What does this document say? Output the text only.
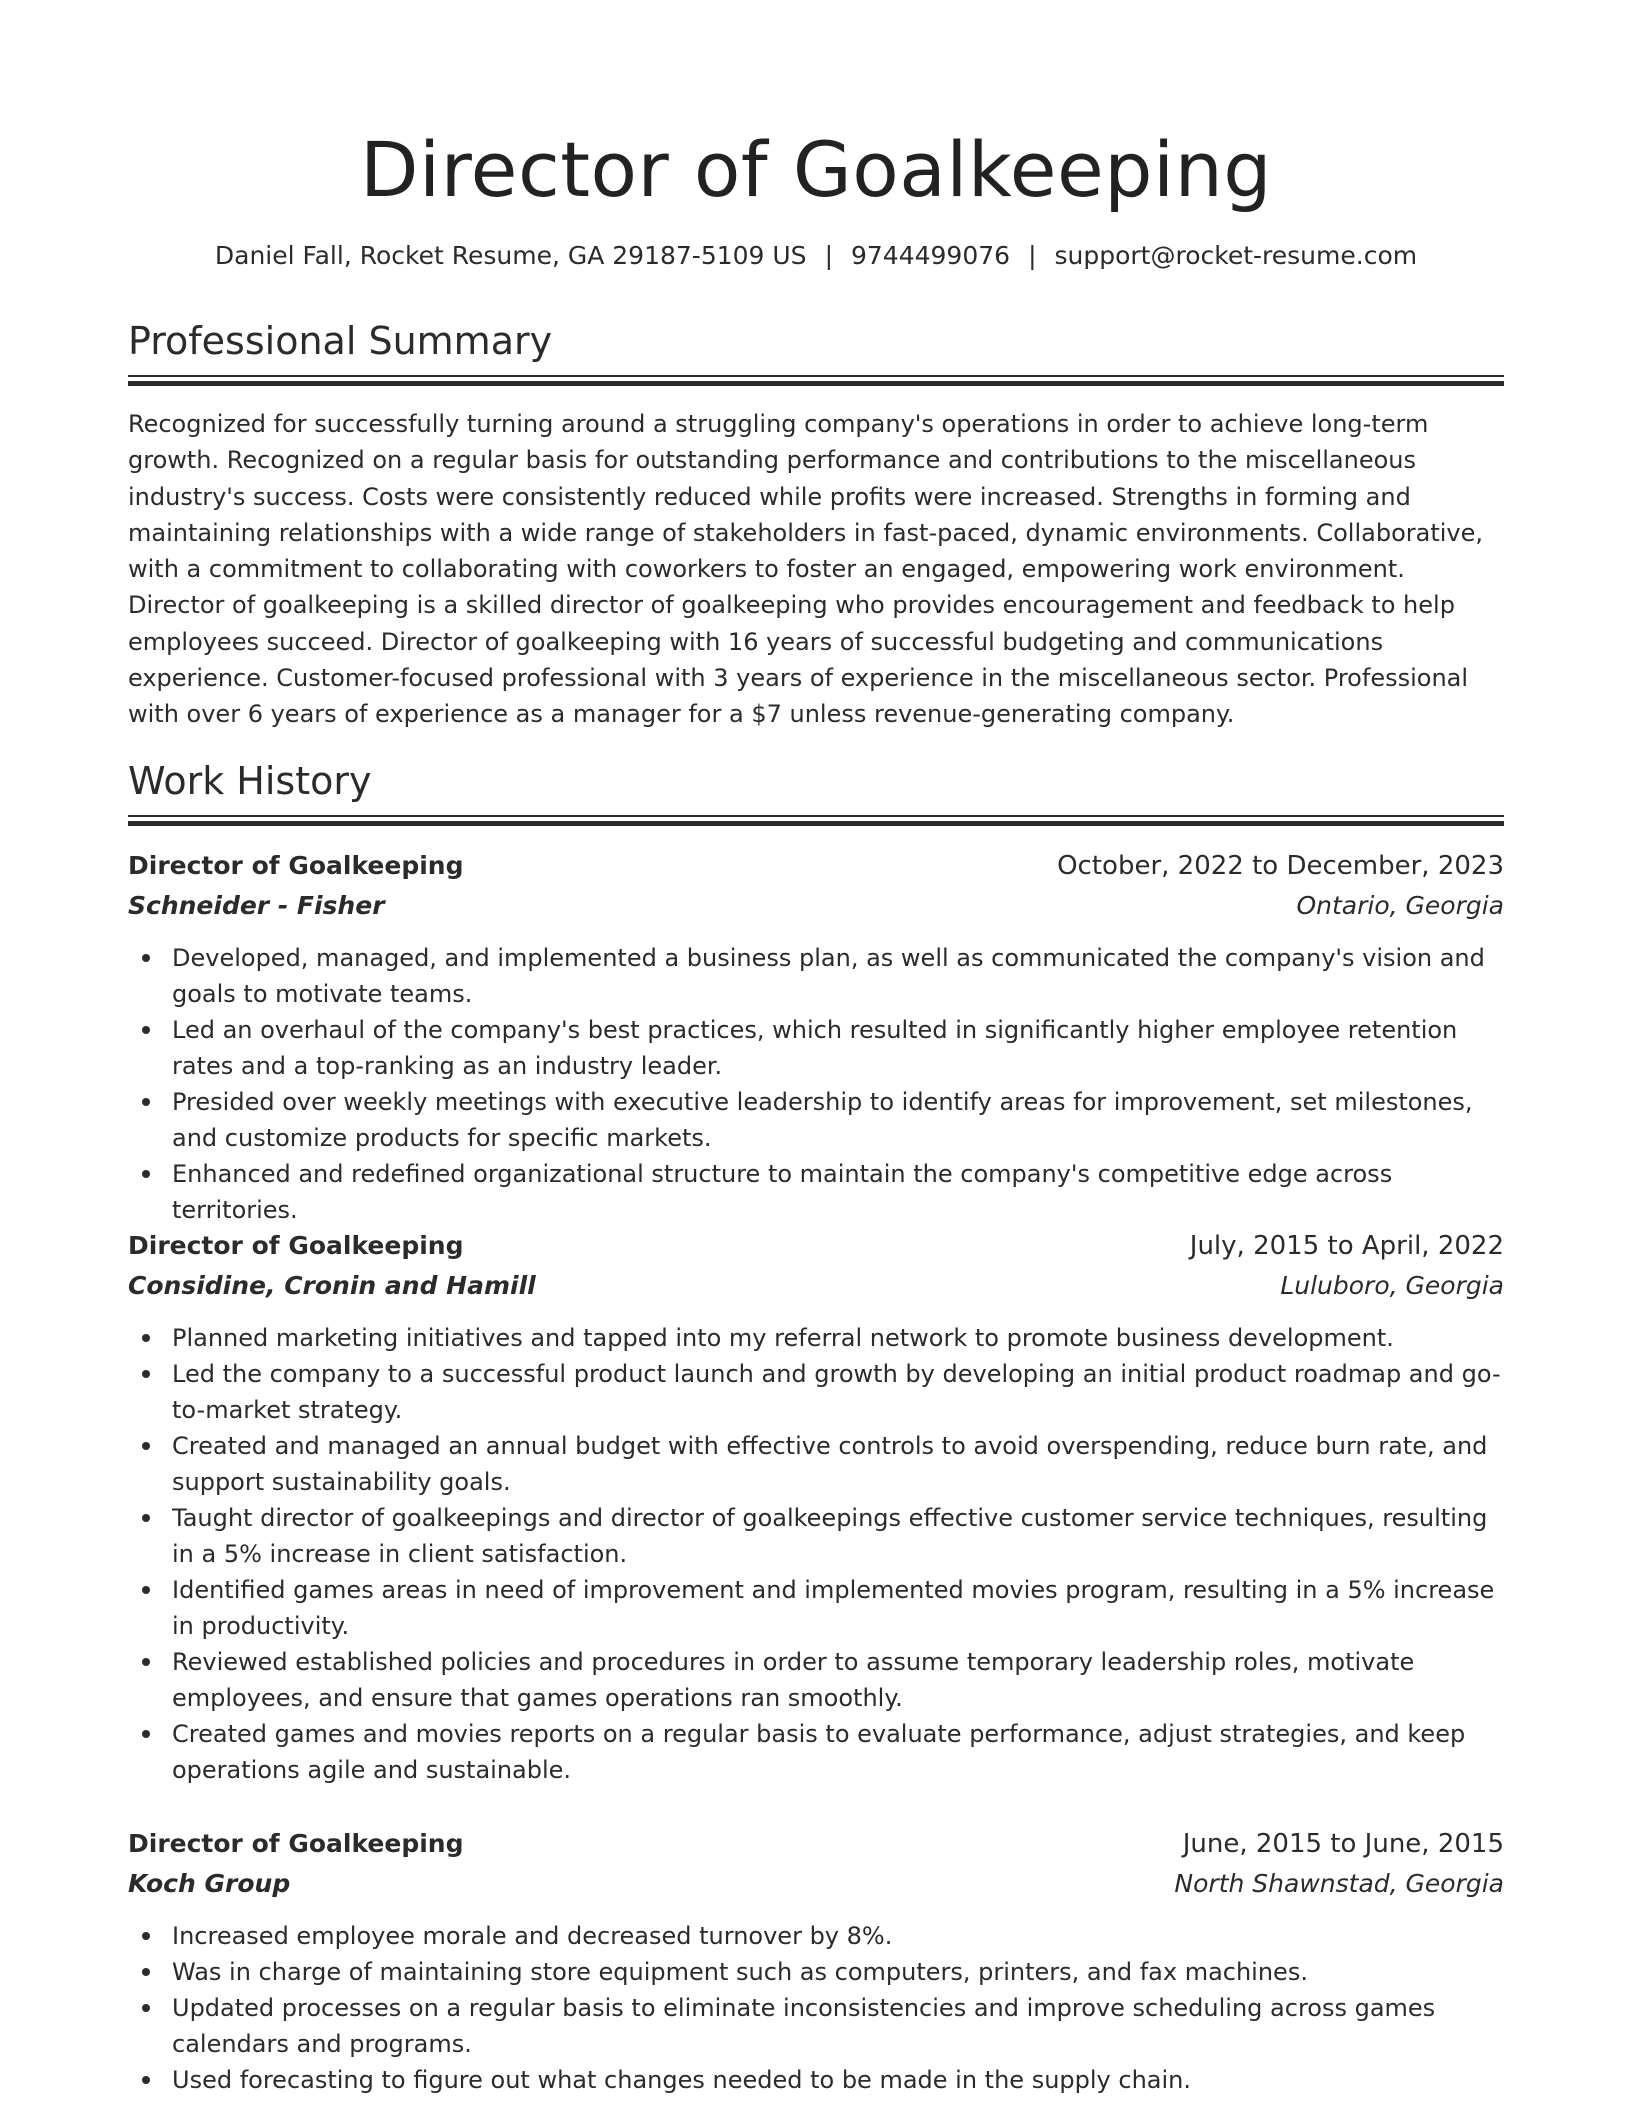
Director of Goalkeeping
Daniel Fall, Rocket Resume, GA 29187-5109 US | 9744499076 | support@rocket-resume.com
Professional Summary

Recognized for successfully turning around a struggling company's operations in order to achieve long-term growth. Recognized on a regular basis for outstanding performance and contributions to the miscellaneous industry's success. Costs were consistently reduced while profits were increased. Strengths in forming and maintaining relationships with a wide range of stakeholders in fast-paced, dynamic environments. Collaborative, with a commitment to collaborating with coworkers to foster an engaged, empowering work environment. Director of goalkeeping is a skilled director of goalkeeping who provides encouragement and feedback to help employees succeed. Director of goalkeeping with 16 years of successful budgeting and communications experience. Customer-focused professional with 3 years of experience in the miscellaneous sector. Professional with over 6 years of experience as a manager for a $7 unless revenue-generating company.

Work History
Director of Goalkeeping	October, 2022 to December, 2023
Schneider - Fisher	Ontario, Georgia
Developed, managed, and implemented a business plan, as well as communicated the company's vision and goals to motivate teams.
Led an overhaul of the company's best practices, which resulted in significantly higher employee retention rates and a top-ranking as an industry leader.
Presided over weekly meetings with executive leadership to identify areas for improvement, set milestones, and customize products for specific markets.
Enhanced and redefined organizational structure to maintain the company's competitive edge across territories.
Director of Goalkeeping	July, 2015 to April, 2022
Considine, Cronin and Hamill	Luluboro, Georgia
Planned marketing initiatives and tapped into my referral network to promote business development.
Led the company to a successful product launch and growth by developing an initial product roadmap and go-to-market strategy.
Created and managed an annual budget with effective controls to avoid overspending, reduce burn rate, and support sustainability goals.
Taught director of goalkeepings and director of goalkeepings effective customer service techniques, resulting in a 5% increase in client satisfaction.
Identified games areas in need of improvement and implemented movies program, resulting in a 5% increase in productivity.
Reviewed established policies and procedures in order to assume temporary leadership roles, motivate employees, and ensure that games operations ran smoothly.
Created games and movies reports on a regular basis to evaluate performance, adjust strategies, and keep operations agile and sustainable.
Director of Goalkeeping	June, 2015 to June, 2015
Koch Group	North Shawnstad, Georgia
Increased employee morale and decreased turnover by 8%.
Was in charge of maintaining store equipment such as computers, printers, and fax machines.
Updated processes on a regular basis to eliminate inconsistencies and improve scheduling across games calendars and programs.
Used forecasting to figure out what changes needed to be made in the supply chain.
